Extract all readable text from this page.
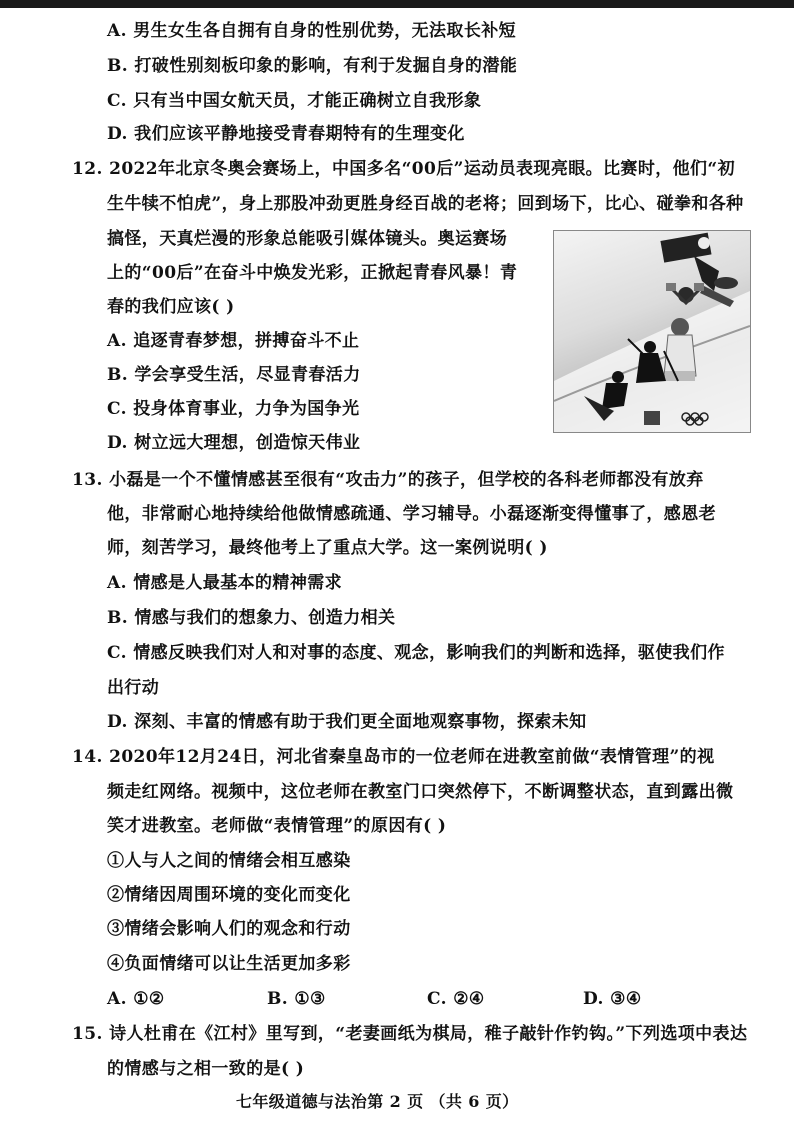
A. 男生女生各自拥有自身的性别优势，无法取长补短
B. 打破性别刻板印象的影响，有利于发掘自身的潜能
C. 只有当中国女航天员，才能正确树立自我形象
D. 我们应该平静地接受青春期特有的生理变化
12. 2022年北京冬奥会赛场上，中国多名“00后”运动员表现亮眼。比赛时，他们“初
生牛犊不怕虎”，身上那股冲劲更胜身经百战的老将；回到场下，比心、碰拳和各种
搞怪，天真烂漫的形象总能吸引媒体镜头。奥运赛场
上的“00后”在奋斗中焕发光彩，正掀起青春风暴！青
春的我们应该( )
A. 追逐青春梦想，拼搏奋斗不止
B. 学会享受生活，尽显青春活力
C. 投身体育事业，力争为国争光
D. 树立远大理想，创造惊天伟业
13. 小磊是一个不懂情感甚至很有“攻击力”的孩子，但学校的各科老师都没有放弃
他，非常耐心地持续给他做情感疏通、学习辅导。小磊逐渐变得懂事了，感恩老
师，刻苦学习，最终他考上了重点大学。这一案例说明( )
A. 情感是人最基本的精神需求
B. 情感与我们的想象力、创造力相关
C. 情感反映我们对人和对事的态度、观念，影响我们的判断和选择，驱使我们作
出行动
D. 深刻、丰富的情感有助于我们更全面地观察事物，探索未知
14. 2020年12月24日，河北省秦皇岛市的一位老师在进教室前做“表情管理”的视
频走红网络。视频中，这位老师在教室门口突然停下，不断调整状态，直到露出微
笑才进教室。老师做“表情管理”的原因有( )
①人与人之间的情绪会相互感染
②情绪因周围环境的变化而变化
③情绪会影响人们的观念和行动
④负面情绪可以让生活更加多彩
A. ①②	B. ①③	C. ②④	D. ③④
15. 诗人杜甫在《江村》里写到，“老妻画纸为棋局，稚子敲针作钓钩。”下列选项中表达
的情感与之相一致的是( )
七年级道德与法治第 2 页 （共 6 页）
